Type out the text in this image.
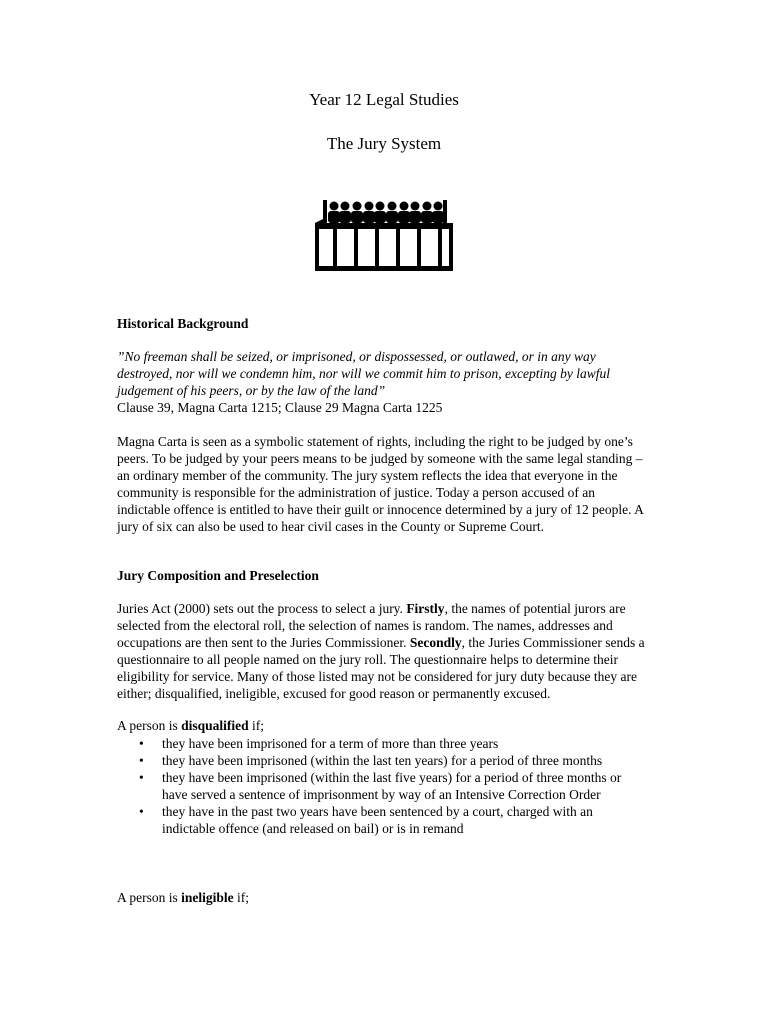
Year 12 Legal Studies
The Jury System
Historical Background
”No freeman shall be seized, or imprisoned, or dispossessed, or outlawed, or in any way destroyed, nor will we condemn him, nor will we commit him to prison, excepting by lawful judgement of his peers, or by the law of the land”
Clause 39, Magna Carta 1215; Clause 29 Magna Carta 1225
Magna Carta is seen as a symbolic statement of rights, including the right to be judged by one’s peers. To be judged by your peers means to be judged by someone with the same legal standing – an ordinary member of the community. The jury system reflects the idea that everyone in the community is responsible for the administration of justice. Today a person accused of an indictable offence is entitled to have their guilt or innocence determined by a jury of 12 people. A jury of six can also be used to hear civil cases in the County or Supreme Court.
Jury Composition and Preselection
Juries Act (2000) sets out the process to select a jury. Firstly, the names of potential jurors are selected from the electoral roll, the selection of names is random. The names, addresses and occupations are then sent to the Juries Commissioner. Secondly, the Juries Commissioner sends a questionnaire to all people named on the jury roll. The questionnaire helps to determine their eligibility for service. Many of those listed may not be considered for jury duty because they are either; disqualified, ineligible, excused for good reason or permanently excused.
A person is disqualified if;
• they have been imprisoned for a term of more than three years
• they have been imprisoned (within the last ten years) for a period of three months
• they have been imprisoned (within the last five years) for a period of three months or have served a sentence of imprisonment by way of an Intensive Correction Order
• they have in the past two years have been sentenced by a court, charged with an indictable offence (and released on bail) or is in remand
A person is ineligible if;
